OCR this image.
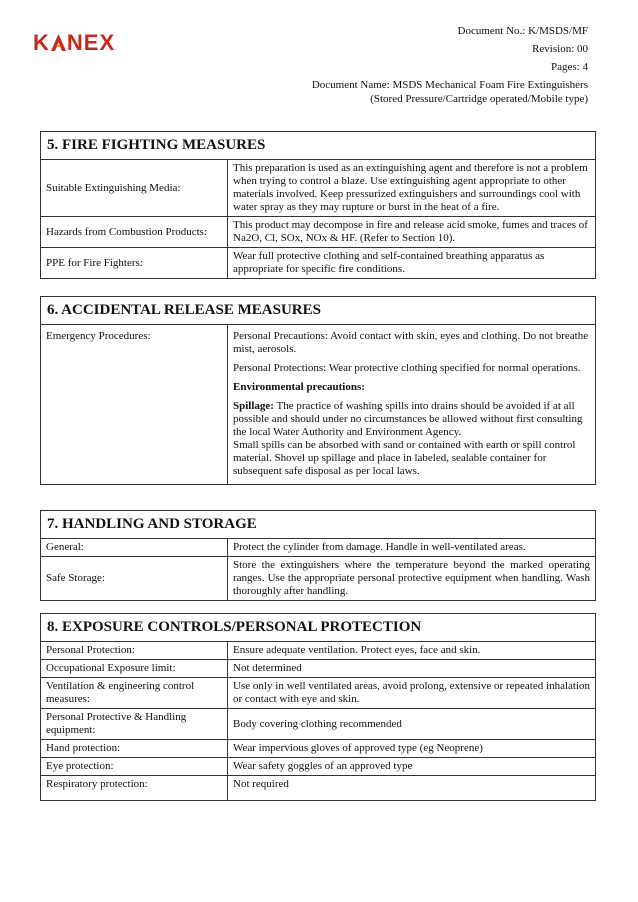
K NEX	Document No.: K/MSDS/MF
Revision: 00
Pages: 4
Document Name: MSDS Mechanical Foam Fire Extinguishers
(Stored Pressure/Cartridge operated/Mobile type)
5. FIRE FIGHTING MEASURES
Suitable Extinguishing Media:	This preparation is used as an extinguishing agent and therefore is not a problem when trying to control a blaze. Use extinguishing agent appropriate to other materials involved. Keep pressurized extinguishers and surroundings cool with water spray as they may rupture or burst in the heat of a fire.
Hazards from Combustion Products:	This product may decompose in fire and release acid smoke, fumes and traces of Na2O, Cl, SOx, NOx & HF. (Refer to Section 10).
PPE for Fire Fighters:	Wear full protective clothing and self-contained breathing apparatus as appropriate for specific fire conditions.
6. ACCIDENTAL RELEASE MEASURES
Emergency Procedures:	Personal Precautions: Avoid contact with skin, eyes and clothing. Do not breathe mist, aerosols.

Personal Protections: Wear protective clothing specified for normal operations.

Environmental precautions:

Spillage: The practice of washing spills into drains should be avoided if at all possible and should under no circumstances be allowed without first consulting the local Water Authority and Environment Agency.

Small spills can be absorbed with sand or contained with earth or spill control material. Shovel up spillage and place in labeled, sealable container for subsequent safe disposal as per local laws.

7. HANDLING AND STORAGE
General:	Protect the cylinder from damage. Handle in well-ventilated areas.
Safe Storage:	Store the extinguishers where the temperature beyond the marked operating ranges. Use the appropriate personal protective equipment when handling. Wash thoroughly after handling.
8. EXPOSURE CONTROLS/PERSONAL PROTECTION
Personal Protection:	Ensure adequate ventilation. Protect eyes, face and skin.
Occupational Exposure limit:	Not determined
Ventilation & engineering control measures:	Use only in well ventilated areas, avoid prolong, extensive or repeated inhalation or contact with eye and skin.
Personal Protective & Handling equipment:	Body covering clothing recommended
Hand protection:	Wear impervious gloves of approved type (eg Neoprene)
Eye protection:	Wear safety goggles of an approved type
Respiratory protection:	Not required
